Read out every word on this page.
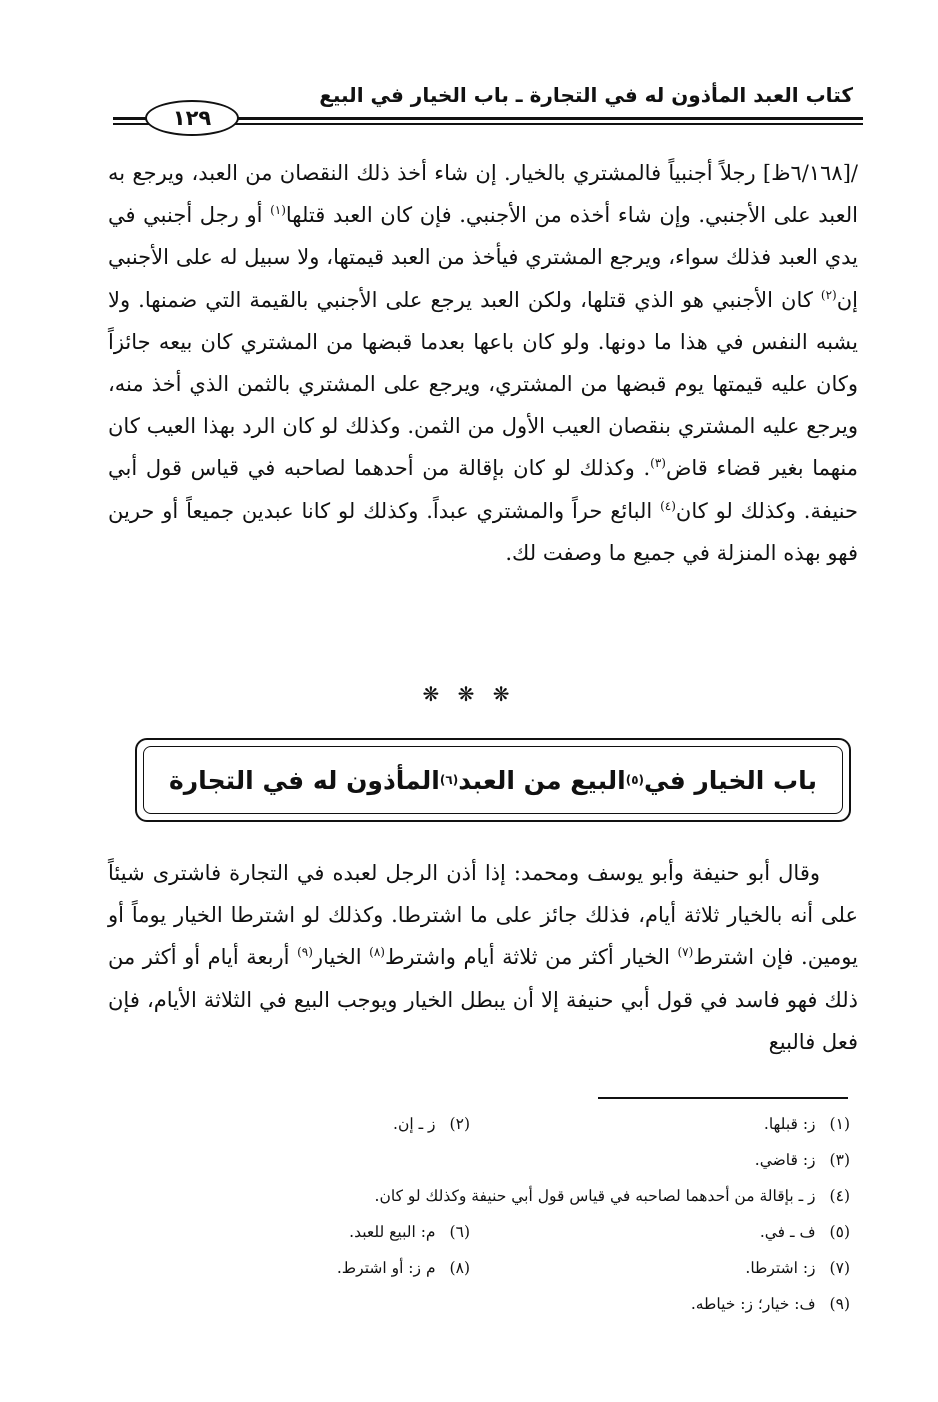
كتاب العبد المأذون له في التجارة ـ باب الخيار في البيع
١٢٩

/[٦/١٦٨ظ] رجلاً أجنبياً فالمشتري بالخيار. إن شاء أخذ ذلك النقصان من العبد، ويرجع به العبد على الأجنبي. وإن شاء أخذه من الأجنبي. فإن كان العبد قتلها$^{(١)}$ أو رجل أجنبي في يدي العبد فذلك سواء، ويرجع المشتري فيأخذ من العبد قيمتها، ولا سبيل له على الأجنبي إن$^{(٢)}$ كان الأجنبي هو الذي قتلها، ولكن العبد يرجع على الأجنبي بالقيمة التي ضمنها. ولا يشبه النفس في هذا ما دونها. ولو كان باعها بعدما قبضها من المشتري كان بيعه جائزاً وكان عليه قيمتها يوم قبضها من المشتري، ويرجع على المشتري بالثمن الذي أخذ منه، ويرجع عليه المشتري بنقصان العيب الأول من الثمن. وكذلك لو كان الرد بهذا العيب كان منهما بغير قضاء قاض$^{(٣)}$. وكذلك لو كان بإقالة من أحدهما لصاحبه في قياس قول أبي حنيفة. وكذلك لو كان$^{(٤)}$ البائع حراً والمشتري عبداً. وكذلك لو كانا عبدين جميعاً أو حرين فهو بهذه المنزلة في جميع ما وصفت لك.

❋ ❋ ❋
باب الخيار في
(٥)
البيع من العبد
(٦)
المأذون له في التجارة

وقال أبو حنيفة وأبو يوسف ومحمد: إذا أذن الرجل لعبده في التجارة فاشترى شيئاً على أنه بالخيار ثلاثة أيام، فذلك جائز على ما اشترطا. وكذلك لو اشترطا الخيار يوماً أو يومين. فإن اشترط$^{(٧)}$ الخيار أكثر من ثلاثة أيام واشترط$^{(٨)}$ الخيار$^{(٩)}$ أربعة أيام أو أكثر من ذلك فهو فاسد في قول أبي حنيفة إلا أن يبطل الخيار ويوجب البيع في الثلاثة الأيام، فإن فعل فالبيع

(١)ز: قبلها.
(٢)ز ـ إن.
(٣)ز: قاضي.
(٤)ز ـ بإقالة من أحدهما لصاحبه في قياس قول أبي حنيفة وكذلك لو كان.
(٥)ف ـ في.
(٦)م: البيع للعبد.
(٧)ز: اشترطا.
(٨)م ز: أو اشترط.
(٩)ف: خيار؛ ز: خياطه.
